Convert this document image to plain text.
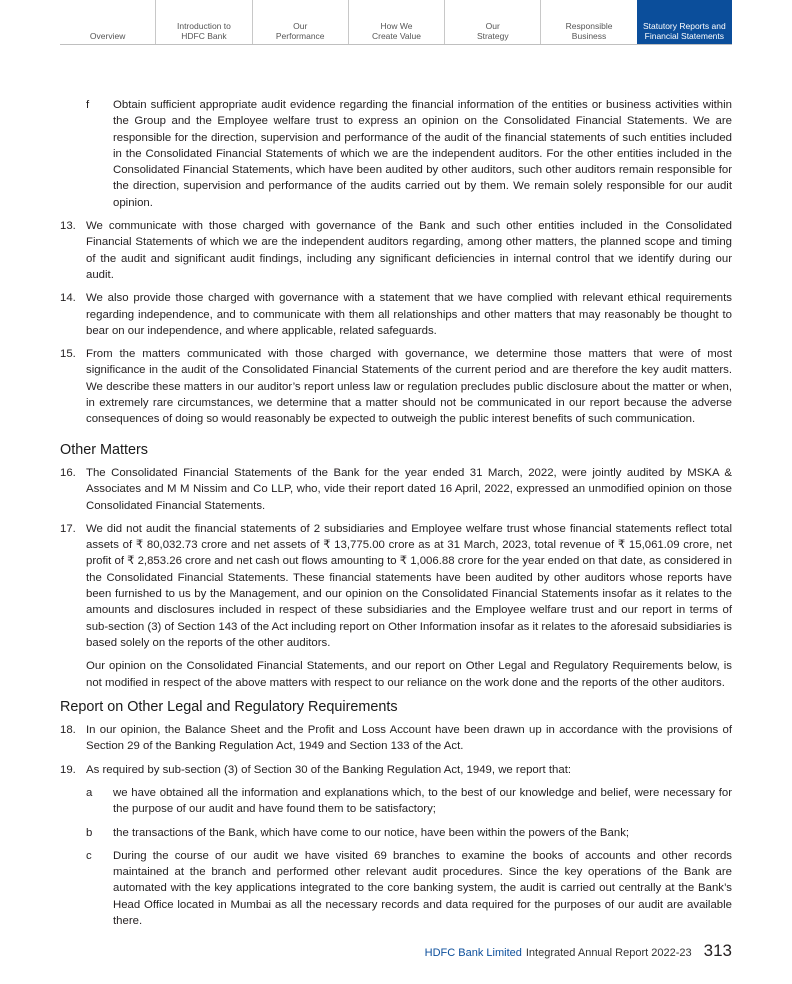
Overview
Introduction to
HDFC Bank
Our
Performance
How We
Create Value
Our
Strategy
Responsible
Business
Statutory Reports and
Financial Statements
f	Obtain sufficient appropriate audit evidence regarding the financial information of the entities or business activities within the Group and the Employee welfare trust to express an opinion on the Consolidated Financial Statements. We are responsible for the direction, supervision and performance of the audit of the financial statements of such entities included in the Consolidated Financial Statements of which we are the independent auditors. For the other entities included in the Consolidated Financial Statements, which have been audited by other auditors, such other auditors remain responsible for the direction, supervision and performance of the audits carried out by them. We remain solely responsible for our audit opinion.
13. We communicate with those charged with governance of the Bank and such other entities included in the Consolidated Financial Statements of which we are the independent auditors regarding, among other matters, the planned scope and timing of the audit and significant audit findings, including any significant deficiencies in internal control that we identify during our audit.
14. We also provide those charged with governance with a statement that we have complied with relevant ethical requirements regarding independence, and to communicate with them all relationships and other matters that may reasonably be thought to bear on our independence, and where applicable, related safeguards.
15. From the matters communicated with those charged with governance, we determine those matters that were of most significance in the audit of the Consolidated Financial Statements of the current period and are therefore the key audit matters. We describe these matters in our auditor’s report unless law or regulation precludes public disclosure about the matter or when, in extremely rare circumstances, we determine that a matter should not be communicated in our report because the adverse consequences of doing so would reasonably be expected to outweigh the public interest benefits of such communication.
Other Matters
16. The Consolidated Financial Statements of the Bank for the year ended 31 March, 2022, were jointly audited by MSKA & Associates and M M Nissim and Co LLP, who, vide their report dated 16 April, 2022, expressed an unmodified opinion on those Consolidated Financial Statements.
17. We did not audit the financial statements of 2 subsidiaries and Employee welfare trust whose financial statements reflect total assets of ₹ 80,032.73 crore and net assets of ₹ 13,775.00 crore as at 31 March, 2023, total revenue of ₹ 15,061.09 crore, net profit of ₹ 2,853.26 crore and net cash out flows amounting to ₹ 1,006.88 crore for the year ended on that date, as considered in the Consolidated Financial Statements. These financial statements have been audited by other auditors whose reports have been furnished to us by the Management, and our opinion on the Consolidated Financial Statements insofar as it relates to the amounts and disclosures included in respect of these subsidiaries and the Employee welfare trust and our report in terms of sub-section (3) of Section 143 of the Act including report on Other Information insofar as it relates to the aforesaid subsidiaries is based solely on the reports of the other auditors.
Our opinion on the Consolidated Financial Statements, and our report on Other Legal and Regulatory Requirements below, is not modified in respect of the above matters with respect to our reliance on the work done and the reports of the other auditors.
Report on Other Legal and Regulatory Requirements
18. In our opinion, the Balance Sheet and the Profit and Loss Account have been drawn up in accordance with the provisions of Section 29 of the Banking Regulation Act, 1949 and Section 133 of the Act.
19. As required by sub-section (3) of Section 30 of the Banking Regulation Act, 1949, we report that:
a	we have obtained all the information and explanations which, to the best of our knowledge and belief, were necessary for the purpose of our audit and have found them to be satisfactory;
b	the transactions of the Bank, which have come to our notice, have been within the powers of the Bank;
c	During the course of our audit we have visited 69 branches to examine the books of accounts and other records maintained at the branch and performed other relevant audit procedures. Since the key operations of the Bank are automated with the key applications integrated to the core banking system, the audit is carried out centrally at the Bank’s Head Office located in Mumbai as all the necessary records and data required for the purposes of our audit are available there.
HDFC Bank Limited Integrated Annual Report 2022-23 313
